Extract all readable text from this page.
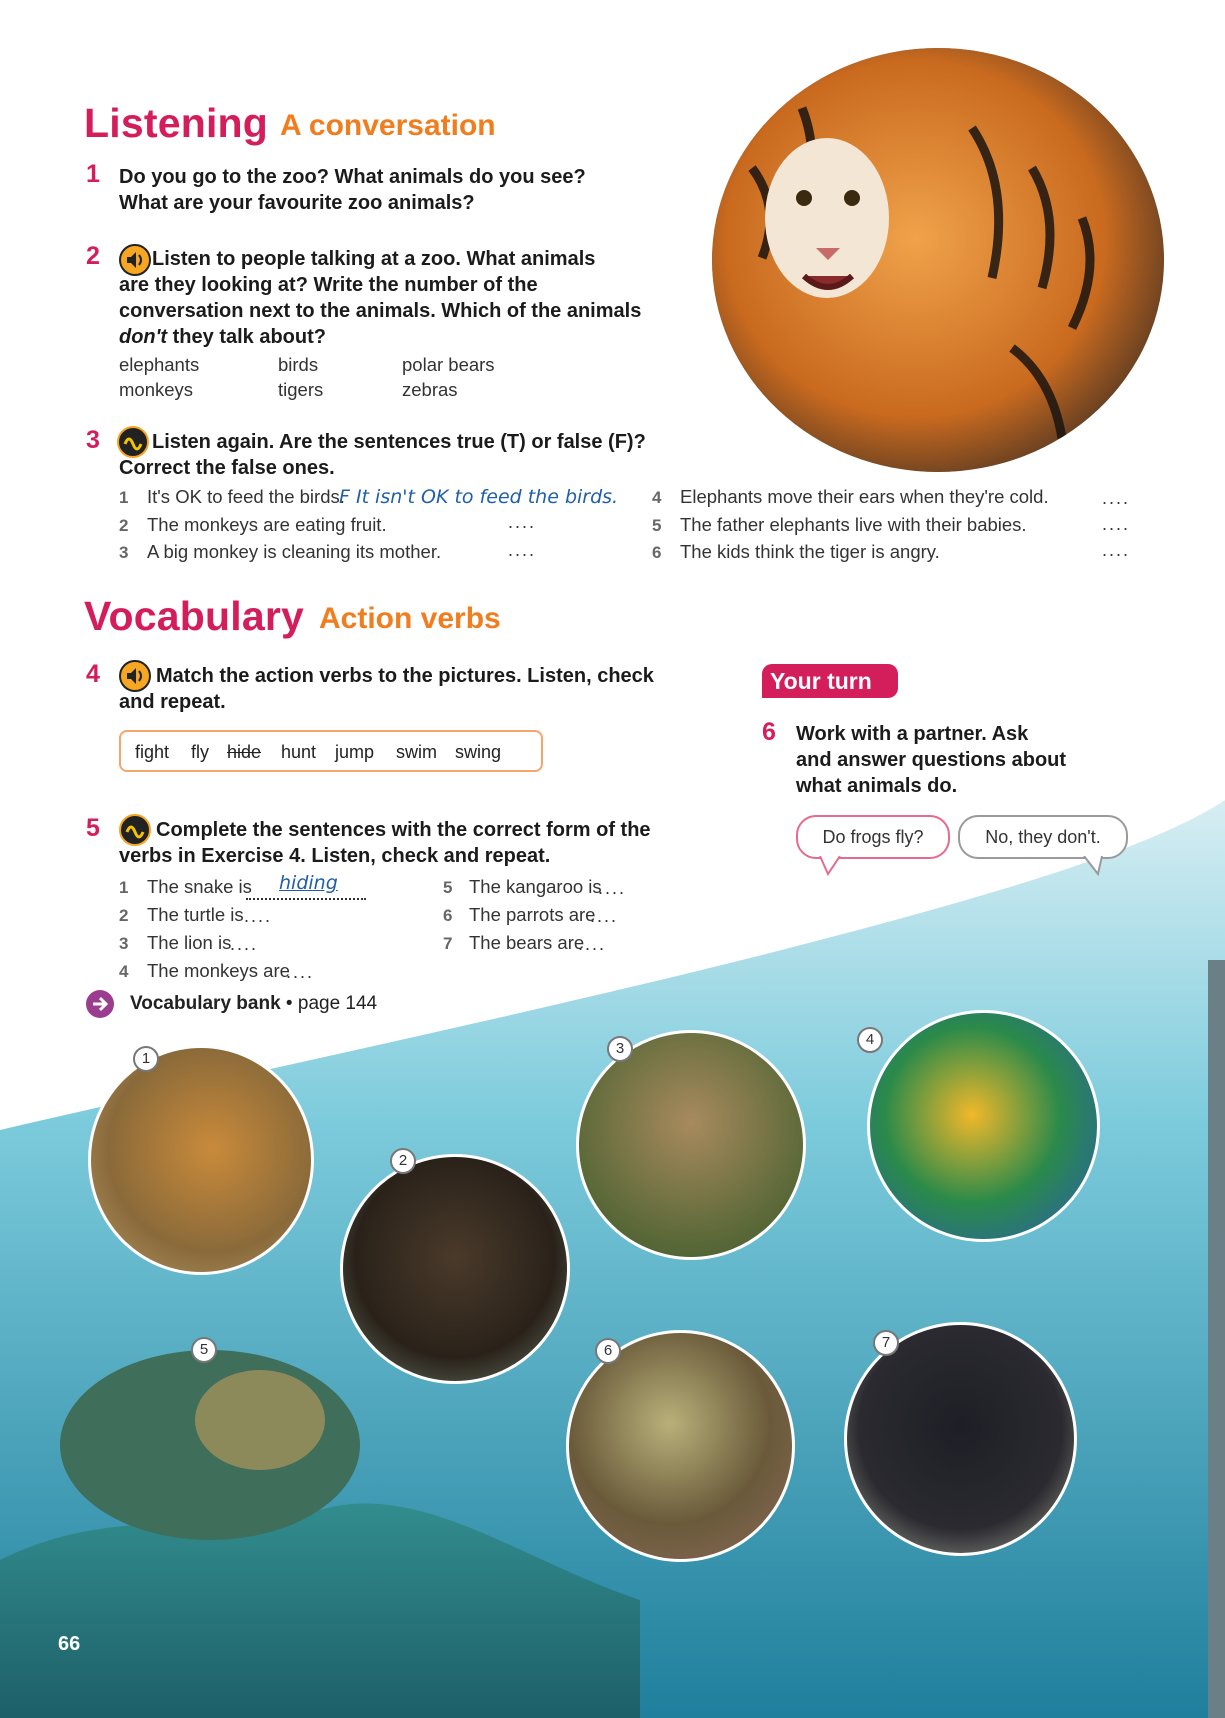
Listening A conversation
1 Do you go to the zoo? What animals do you see?
What are your favourite zoo animals?
2	Listen to people talking at a zoo. What animals
are they looking at? Write the number of the
conversation next to the animals. Which of the animals
don't they talk about?
elephants	birds	polar bears
monkeys	tigers	zebras
3	Listen again. Are the sentences true (T) or false (F)?
Correct the false ones.
1 It's OK to feed the birds.
F It isn't OK to feed the birds.
2 The monkeys are eating fruit.	....
3 A big monkey is cleaning its mother.	....
4 Elephants move their ears when they're cold.	....
5 The father elephants live with their babies.	....
6 The kids think the tiger is angry.	....
Vocabulary Action verbs
4	Match the action verbs to the pictures. Listen, check
and repeat.
fight fly hide hunt jump swim swing
5	Complete the sentences with the correct form of the
verbs in Exercise 4. Listen, check and repeat.
1 The snake is hiding
2 The turtle is ....
3 The lion is
....
4 The monkeys are
....
5 The kangaroo is
....
6 The parrots are
....
7 The bears are
....
Vocabulary bank • page 144
Your turn
6 Work with a partner. Ask
and answer questions about
what animals do.
Do frogs fly?	No, they don't.
1
2
3
4
5	6	7
66
